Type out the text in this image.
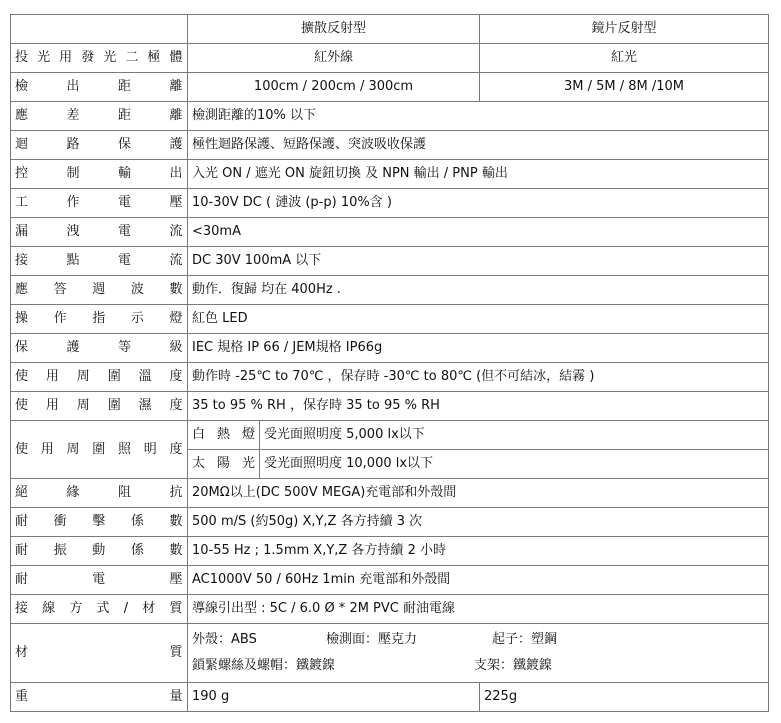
	擴散反射型		鏡片反射型
投光用發光二極體	紅外線		紅光
檢出距離	100cm / 200cm / 300cm		3M / 5M / 8M /10M
應差距離	檢測距離的10% 以下		
迴路保護	極性迴路保護、短路保護、突波吸收保護		
控制輸出	入光 ON / 遮光 ON 旋鈕切換 及 NPN 輸出 / PNP 輸出		
工作電壓	10-30V DC ( 漣波 (p-p) 10%含 )		
漏洩電流	<30mA		
接點電流	DC 30V 100mA 以下		
應答週波數	動作．復歸 均在 400Hz .		
操作指示燈	紅色 LED		
保護等級	IEC 規格 IP 66 / JEM規格 IP66g		
使用周圍溫度	動作時 -25℃ to 70℃ ，保存時 -30℃ to 80℃ (但不可結冰，結霧 )		
使用周圍濕度	35 to 95 % RH ，保存時 35 to 95 % RH		
使用周圍照明度	白熱燈	受光面照明度 5,000 lx以下	
	太陽光	受光面照明度 10,000 lx以下	
絕緣阻抗	20MΩ以上(DC 500V MEGA)充電部和外殼間		
耐衝擊係數	500 m/S (約50g) X,Y,Z 各方持續 3 次		
耐振動係數	10-55 Hz ; 1.5mm X,Y,Z 各方持續 2 小時		
耐電壓	AC1000V 50 / 60Hz 1min 充電部和外殼間		
接線方式/材質	導線引出型 : 5C / 6.0 Ø * 2M PVC 耐油電線		
材質	外殼：ABS 檢測面：壓克力 起子：塑鋼
鎖緊螺絲及螺帽：鐵鍍鎳 支架：鐵鍍鎳		

重量	190 g		225g
